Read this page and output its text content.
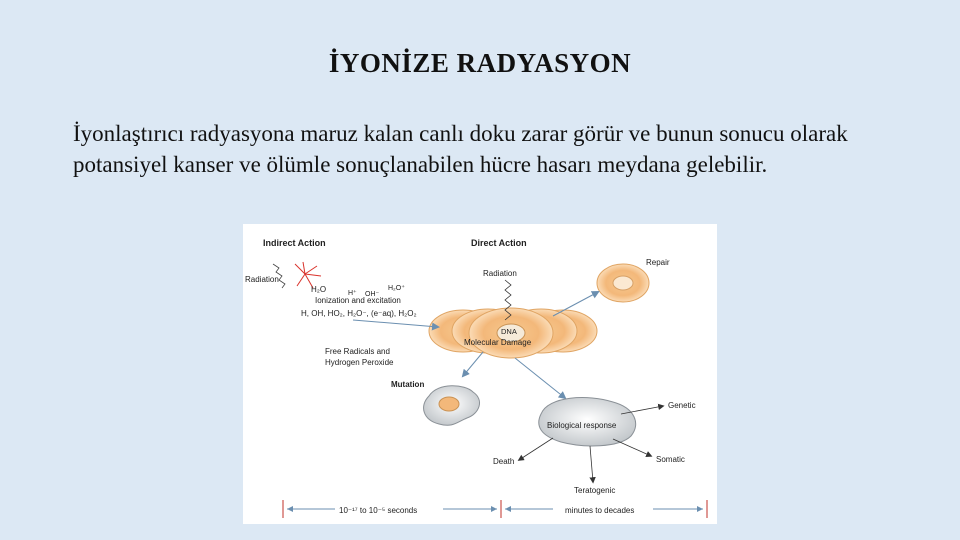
İYONİZE RADYASYON
İyonlaştırıcı radyasyona maruz kalan canlı doku zarar görür ve bunun sonucu olarak potansiyel kanser ve ölümle sonuçlanabilen hücre hasarı meydana gelebilir.
Indirect Action	Direct Action
Radiation
H₂O	H⁺ OH⁻
H₂O⁺
Ionization and excitation
H, OH, HO₂, H₂O⁻, (e⁻aq), H₂O₂
Radiation
DNA
Molecular Damage
Repair
Free Radicals and
Hydrogen Peroxide
Mutation
Biological response
Genetic
Somatic
Death
Teratogenic
10⁻¹⁷ to 10⁻⁵ seconds	minutes to decades
